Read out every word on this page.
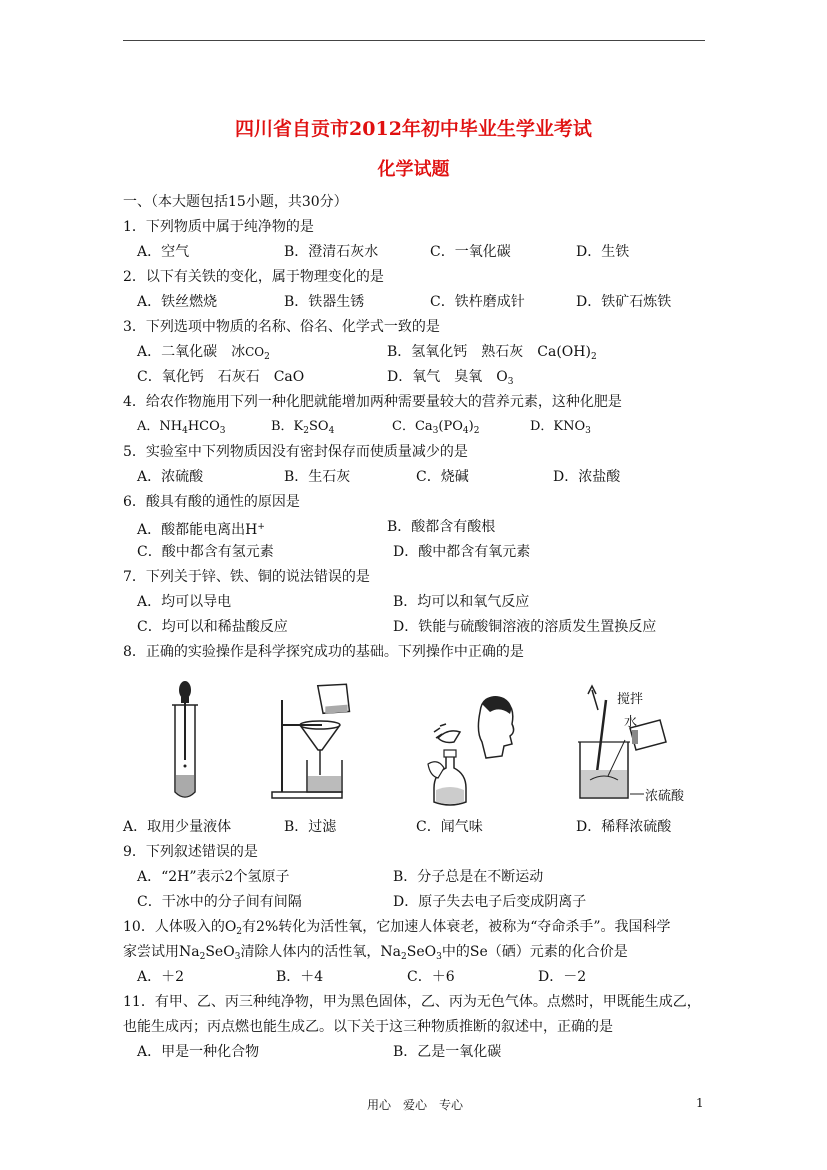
四川省自贡市2012年初中毕业生学业考试
化学试题
一、（本大题包括15小题，共30分）
1．下列物质中属于纯净物的是
A．空气	B．澄清石灰水	C．一氧化碳	D．生铁
2．以下有关铁的变化，属于物理变化的是
A．铁丝燃烧	B．铁器生锈	C．铁杵磨成针	D．铁矿石炼铁
3．下列选项中物质的名称、俗名、化学式一致的是
A．二氧化碳　冰$CO_2$	B．氢氧化钙　熟石灰　$Ca(OH)_2$
C．氧化钙　石灰石　CaO	D．氧气　臭氧　$O_3$
4．给农作物施用下列一种化肥就能增加两种需要量较大的营养元素，这种化肥是
A．$NH_4HCO_3$	B．$K_2SO_4$	C．$Ca_3(PO_4)_2$	D．$KNO_3$
5．实验室中下列物质因没有密封保存而使质量减少的是
A．浓硫酸	B．生石灰	C．烧碱	D．浓盐酸
6．酸具有酸的通性的原因是
A．酸都能电离出H+	B．酸都含有酸根
C．酸中都含有氢元素	D．酸中都含有氧元素
7．下列关于锌、铁、铜的说法错误的是
A．均可以导电	B．均可以和氧气反应
C．均可以和稀盐酸反应	D．铁能与硫酸铜溶液的溶质发生置换反应
8．正确的实验操作是科学探究成功的基础。下列操作中正确的是
搅拌
水
浓硫酸
A．取用少量液体	B．过滤	C．闻气味	D．稀释浓硫酸
9．下列叙述错误的是
A．“2H”表示2个氢原子	B．分子总是在不断运动
C．干冰中的分子间有间隔	D．原子失去电子后变成阴离子
10．人体吸入的$O_2$有2%转化为活性氧，它加速人体衰老，被称为“夺命杀手”。我国科学
家尝试用$Na_2SeO_3$清除人体内的活性氧，$Na_2SeO_3$中的Se（硒）元素的化合价是
A．＋2	B．＋4	C．＋6	D．－2
11．有甲、乙、丙三种纯净物，甲为黑色固体，乙、丙为无色气体。点燃时，甲既能生成乙，
也能生成丙；丙点燃也能生成乙。以下关于这三种物质推断的叙述中，正确的是
A．甲是一种化合物	B．乙是一氧化碳
用心　爱心　专心	1
